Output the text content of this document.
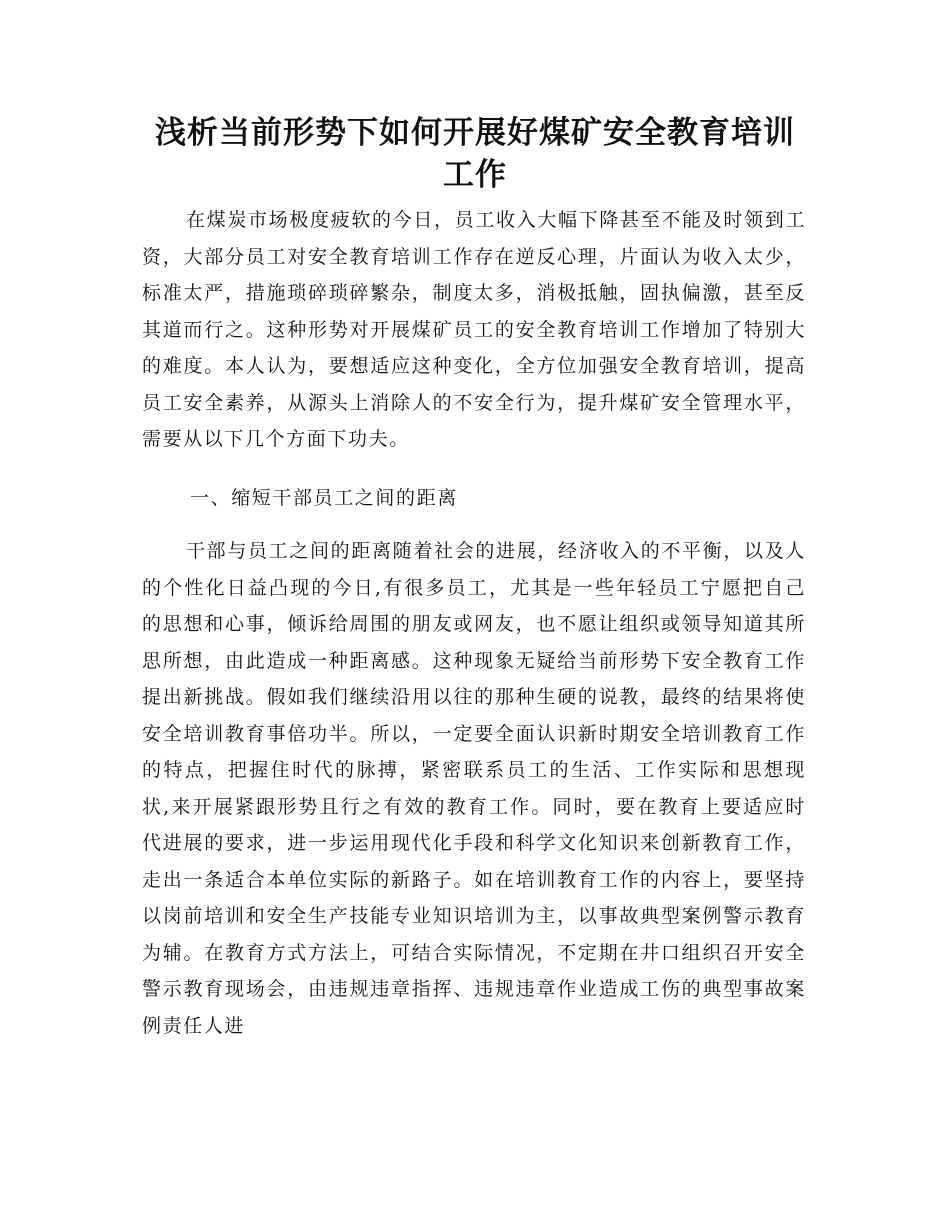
浅析当前形势下如何开展好煤矿安全教育培训工作

在煤炭市场极度疲软的今日，员工收入大幅下降甚至不能及时领到工资，大部分员工对安全教育培训工作存在逆反心理，片面认为收入太少，标准太严，措施琐碎琐碎繁杂，制度太多，消极抵触，固执偏激，甚至反其道而行之。这种形势对开展煤矿员工的安全教育培训工作增加了特别大的难度。本人认为，要想适应这种变化，全方位加强安全教育培训，提高员工安全素养，从源头上消除人的不安全行为，提升煤矿安全管理水平，需要从以下几个方面下功夫。

一、缩短干部员工之间的距离

干部与员工之间的距离随着社会的进展，经济收入的不平衡，以及人的个性化日益凸现的今日,有很多员工，尤其是一些年轻员工宁愿把自己的思想和心事，倾诉给周围的朋友或网友，也不愿让组织或领导知道其所思所想，由此造成一种距离感。这种现象无疑给当前形势下安全教育工作提出新挑战。假如我们继续沿用以往的那种生硬的说教，最终的结果将使安全培训教育事倍功半。所以，一定要全面认识新时期安全培训教育工作的特点，把握住时代的脉搏，紧密联系员工的生活、工作实际和思想现状,来开展紧跟形势且行之有效的教育工作。同时，要在教育上要适应时代进展的要求，进一步运用现代化手段和科学文化知识来创新教育工作，走出一条适合本单位实际的新路子。如在培训教育工作的内容上，要坚持以岗前培训和安全生产技能专业知识培训为主，以事故典型案例警示教育为辅。在教育方式方法上，可结合实际情况，不定期在井口组织召开安全警示教育现场会，由违规违章指挥、违规违章作业造成工伤的典型事故案例责任人进
